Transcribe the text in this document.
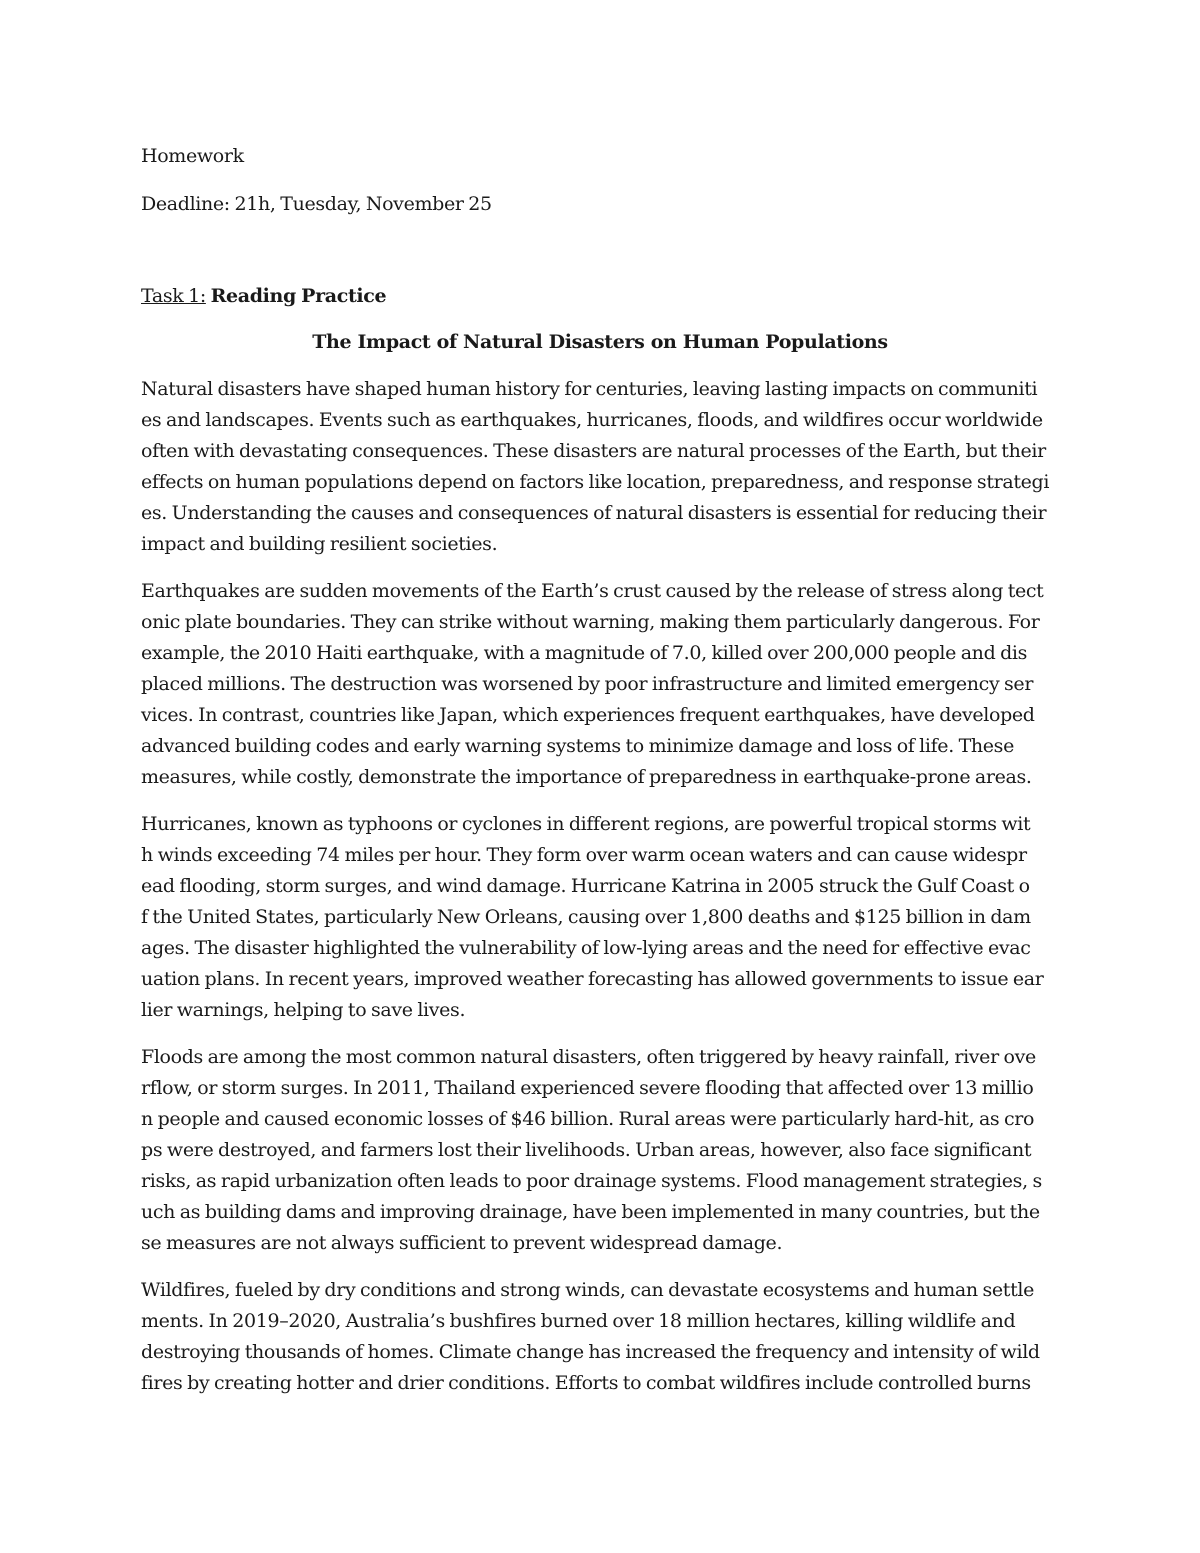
Homework
Deadline: 21h, Tuesday, November 25
Task 1: Reading Practice
The Impact of Natural Disasters on Human Populations
Natural disasters have shaped human history for centuries, leaving lasting impacts on communiti
es and landscapes. Events such as earthquakes, hurricanes, floods, and wildfires occur worldwide
often with devastating consequences. These disasters are natural processes of the Earth, but their
effects on human populations depend on factors like location, preparedness, and response strategi
es. Understanding the causes and consequences of natural disasters is essential for reducing their
impact and building resilient societies.
Earthquakes are sudden movements of the Earth’s crust caused by the release of stress along tect
onic plate boundaries. They can strike without warning, making them particularly dangerous. For
example, the 2010 Haiti earthquake, with a magnitude of 7.0, killed over 200,000 people and dis
placed millions. The destruction was worsened by poor infrastructure and limited emergency ser
vices. In contrast, countries like Japan, which experiences frequent earthquakes, have developed
advanced building codes and early warning systems to minimize damage and loss of life. These
measures, while costly, demonstrate the importance of preparedness in earthquake-prone areas.
Hurricanes, known as typhoons or cyclones in different regions, are powerful tropical storms wit
h winds exceeding 74 miles per hour. They form over warm ocean waters and can cause widespr
ead flooding, storm surges, and wind damage. Hurricane Katrina in 2005 struck the Gulf Coast o
f the United States, particularly New Orleans, causing over 1,800 deaths and $125 billion in dam
ages. The disaster highlighted the vulnerability of low-lying areas and the need for effective evac
uation plans. In recent years, improved weather forecasting has allowed governments to issue ear
lier warnings, helping to save lives.
Floods are among the most common natural disasters, often triggered by heavy rainfall, river ove
rflow, or storm surges. In 2011, Thailand experienced severe flooding that affected over 13 millio
n people and caused economic losses of $46 billion. Rural areas were particularly hard-hit, as cro
ps were destroyed, and farmers lost their livelihoods. Urban areas, however, also face significant
risks, as rapid urbanization often leads to poor drainage systems. Flood management strategies, s
uch as building dams and improving drainage, have been implemented in many countries, but the
se measures are not always sufficient to prevent widespread damage.
Wildfires, fueled by dry conditions and strong winds, can devastate ecosystems and human settle
ments. In 2019–2020, Australia’s bushfires burned over 18 million hectares, killing wildlife and
destroying thousands of homes. Climate change has increased the frequency and intensity of wild
fires by creating hotter and drier conditions. Efforts to combat wildfires include controlled burns
